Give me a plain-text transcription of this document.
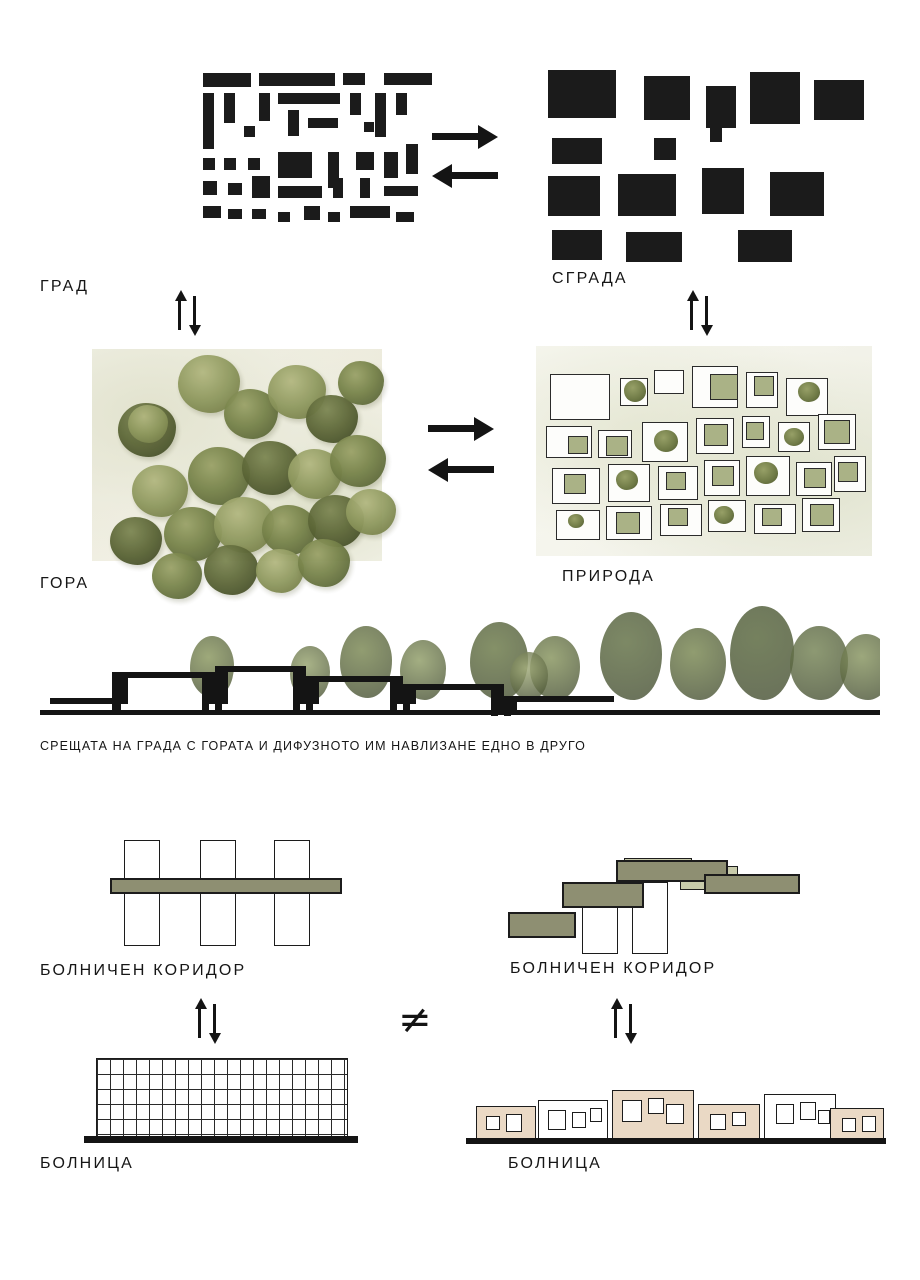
ГРАД	СГРАДА
ГОРА	ПРИРОДА
СРЕЩАТА НА ГРАДА С ГОРАТА И ДИФУЗНОТО ИМ НАВЛИЗАНЕ ЕДНО В ДРУГО
БОЛНИЧЕН КОРИДОР	БОЛНИЧЕН КОРИДОР
≠
БОЛНИЦА	БОЛНИЦА
